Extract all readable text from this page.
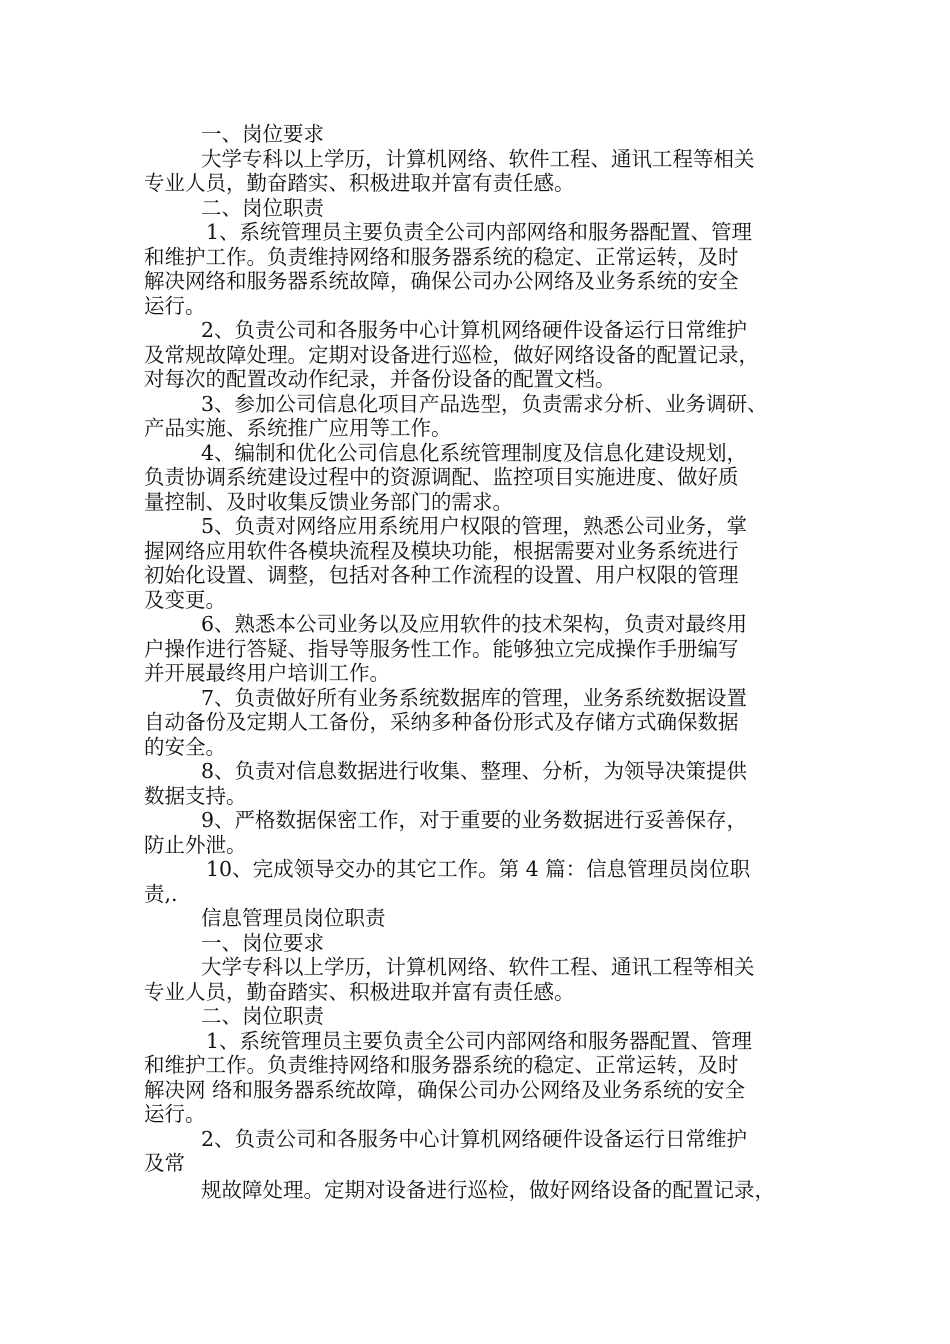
一、岗位要求
大学专科以上学历，计算机网络、软件工程、通讯工程等相关
专业人员，勤奋踏实、积极进取并富有责任感。
二、岗位职责
1、系统管理员主要负责全公司内部网络和服务器配置、管理
和维护工作。负责维持网络和服务器系统的稳定、正常运转，及时
解决网络和服务器系统故障，确保公司办公网络及业务系统的安全
运行。
2、负责公司和各服务中心计算机网络硬件设备运行日常维护
及常规故障处理。定期对设备进行巡检，做好网络设备的配置记录，
对每次的配置改动作纪录，并备份设备的配置文档。
3、参加公司信息化项目产品选型，负责需求分析、业务调研、
产品实施、系统推广应用等工作。
4、编制和优化公司信息化系统管理制度及信息化建设规划，
负责协调系统建设过程中的资源调配、监控项目实施进度、做好质
量控制、及时收集反馈业务部门的需求。
5、负责对网络应用系统用户权限的管理，熟悉公司业务，掌
握网络应用软件各模块流程及模块功能，根据需要对业务系统进行
初始化设置、调整，包括对各种工作流程的设置、用户权限的管理
及变更。
6、熟悉本公司业务以及应用软件的技术架构，负责对最终用
户操作进行答疑、指导等服务性工作。能够独立完成操作手册编写
并开展最终用户培训工作。
7、负责做好所有业务系统数据库的管理，业务系统数据设置
自动备份及定期人工备份，采纳多种备份形式及存储方式确保数据
的安全。
8、负责对信息数据进行收集、整理、分析，为领导决策提供
数据支持。
9、严格数据保密工作，对于重要的业务数据进行妥善保存，
防止外泄。
10、完成领导交办的其它工作。第 4 篇：信息管理员岗位职
责,.
信息管理员岗位职责
一、岗位要求
大学专科以上学历，计算机网络、软件工程、通讯工程等相关
专业人员，勤奋踏实、积极进取并富有责任感。
二、岗位职责
1、系统管理员主要负责全公司内部网络和服务器配置、管理
和维护工作。负责维持网络和服务器系统的稳定、正常运转，及时
解决网 络和服务器系统故障，确保公司办公网络及业务系统的安全
运行。
2、负责公司和各服务中心计算机网络硬件设备运行日常维护
及常
规故障处理。定期对设备进行巡检，做好网络设备的配置记录，
